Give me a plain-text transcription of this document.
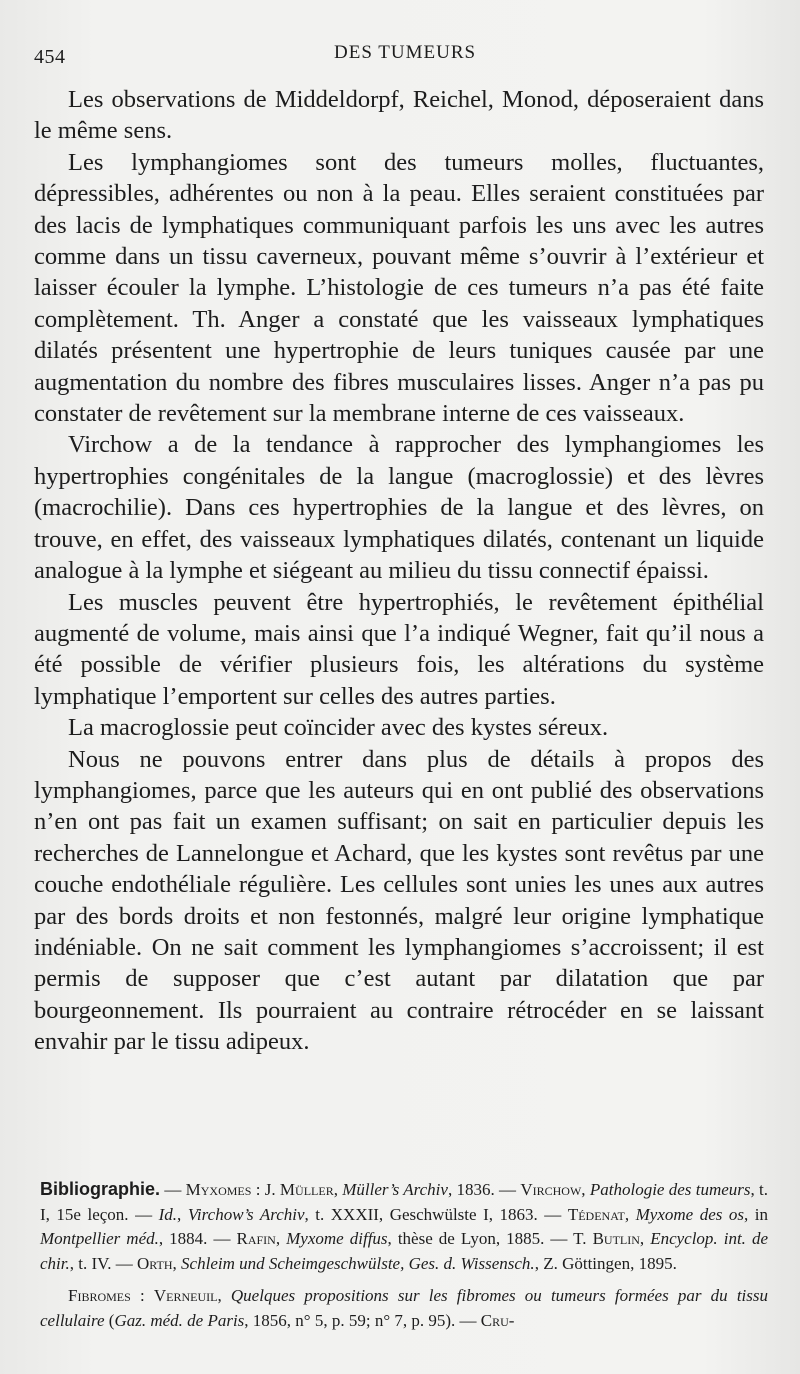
454	DES TUMEURS

Les observations de Middeldorpf, Reichel, Monod, déposeraient dans le même sens.

Les lymphangiomes sont des tumeurs molles, fluctuantes, dépressibles, adhérentes ou non à la peau. Elles seraient constituées par des lacis de lymphatiques communiquant parfois les uns avec les autres comme dans un tissu caverneux, pouvant même s’ouvrir à l’extérieur et laisser écouler la lymphe. L’histologie de ces tumeurs n’a pas été faite complètement. Th. Anger a constaté que les vaisseaux lymphatiques dilatés présentent une hypertrophie de leurs tuniques causée par une augmentation du nombre des fibres musculaires lisses. Anger n’a pas pu constater de revêtement sur la membrane interne de ces vaisseaux.

Virchow a de la tendance à rapprocher des lymphangiomes les hypertrophies congénitales de la langue (macroglossie) et des lèvres (macrochilie). Dans ces hypertrophies de la langue et des lèvres, on trouve, en effet, des vaisseaux lymphatiques dilatés, contenant un liquide analogue à la lymphe et siégeant au milieu du tissu connectif épaissi.

Les muscles peuvent être hypertrophiés, le revêtement épithélial augmenté de volume, mais ainsi que l’a indiqué Wegner, fait qu’il nous a été possible de vérifier plusieurs fois, les altérations du système lymphatique l’emportent sur celles des autres parties.

La macroglossie peut coïncider avec des kystes séreux.

Nous ne pouvons entrer dans plus de détails à propos des lymphangiomes, parce que les auteurs qui en ont publié des observations n’en ont pas fait un examen suffisant; on sait en particulier depuis les recherches de Lannelongue et Achard, que les kystes sont revêtus par une couche endothéliale régulière. Les cellules sont unies les unes aux autres par des bords droits et non festonnés, malgré leur origine lymphatique indéniable. On ne sait comment les lymphangiomes s’accroissent; il est permis de supposer que c’est autant par dilatation que par bourgeonnement. Ils pourraient au contraire rétrocéder en se laissant envahir par le tissu adipeux.

Bibliographie. — Myxomes : J. Müller, Müller’s Archiv, 1836. — Virchow, Pathologie des tumeurs, t. I, 15e leçon. — Id., Virchow’s Archiv, t. XXXII, Geschwülste I, 1863. — Tédenat, Myxome des os, in Montpellier méd., 1884. — Rafin, Myxome diffus, thèse de Lyon, 1885. — T. Butlin, Encyclop. int. de chir., t. IV. — Orth, Schleim und Scheimgeschwülste, Ges. d. Wissensch., Z. Göttingen, 1895.

Fibromes : Verneuil, Quelques propositions sur les fibromes ou tumeurs formées par du tissu cellulaire (Gaz. méd. de Paris, 1856, n° 5, p. 59; n° 7, p. 95). — Cru-
